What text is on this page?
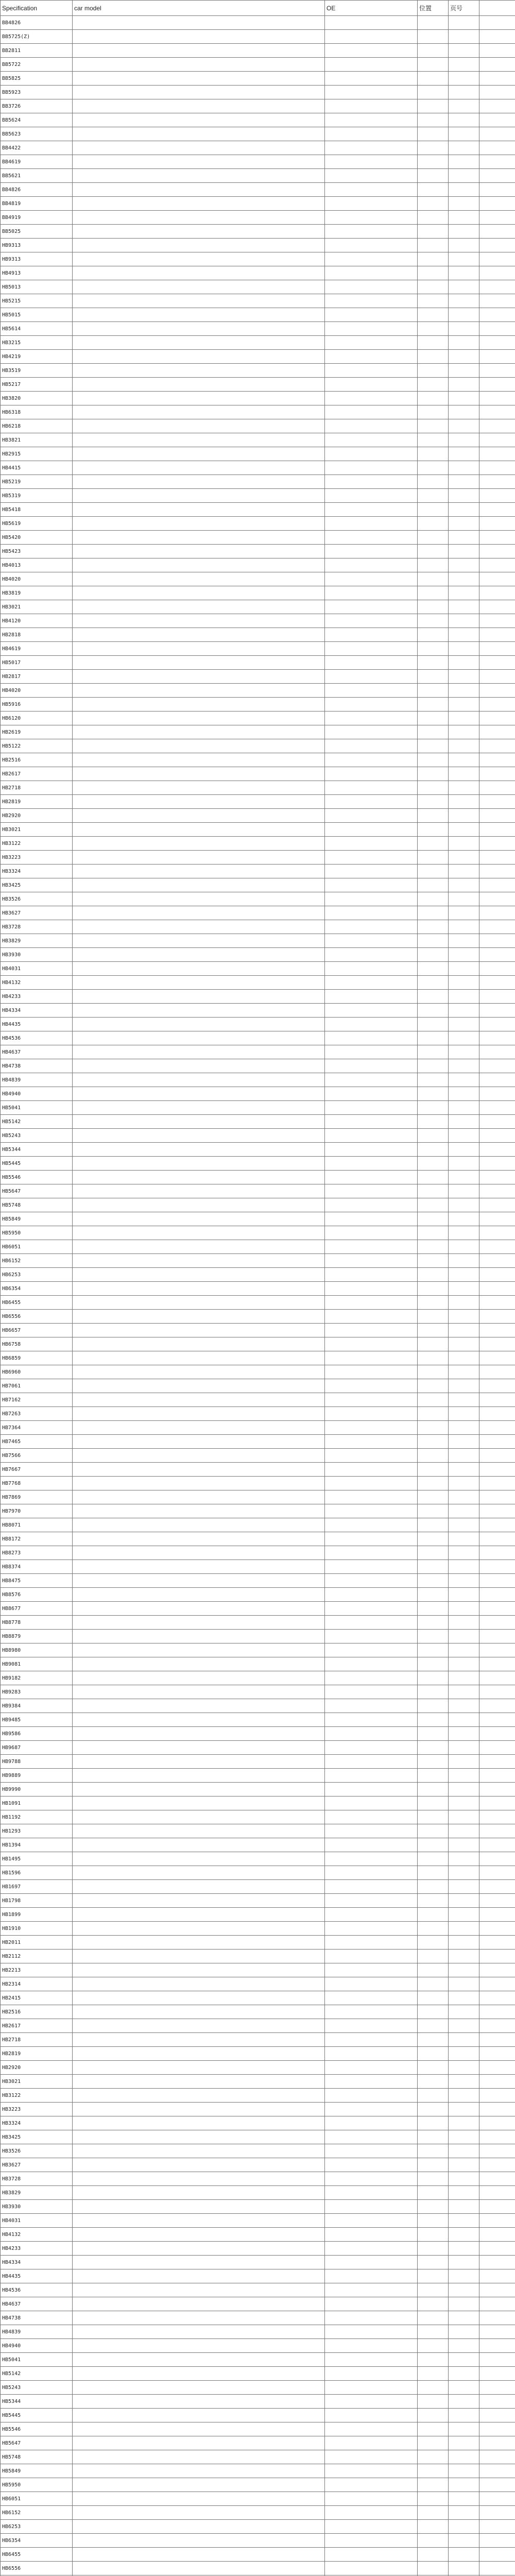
Specification	car model	OE	位置	页号	
BB4826					
BB5725(Z)					
BB2811					
BB5722					
BB5825					
BB5923					
BB3726					
BB5624					
BB5623					
BB4422					
BB4619					
BB5621					
BB4826					
BB4819					
BB4919					
BB5025					
HB9313					
HB9313					
HB4913					
HB5013					
HB5215					
HB5015					
HB5614					
HB3215					
HB4219					
HB3519					
HB5217					
HB3820					
HB6318					
HB6218					
HB3821					
HB2915					
HB4415					
HB5219					
HB5319					
HB5418					
HB5619					
HB5420					
HB5423					
HB4013					
HB4020					
HB3819					
HB3021					
HB4120					
HB2818					
HB4619					
HB5017					
HB2817					
HB4020					
HB5916					
HB6120					
HB2619					
HB5122					
HB2516					
HB2617					
HB2718					
HB2819					
HB2920					
HB3021					
HB3122					
HB3223					
HB3324					
HB3425					
HB3526					
HB3627					
HB3728					
HB3829					
HB3930					
HB4031					
HB4132					
HB4233					
HB4334					
HB4435					
HB4536					
HB4637					
HB4738					
HB4839					
HB4940					
HB5041					
HB5142					
HB5243					
HB5344					
HB5445					
HB5546					
HB5647					
HB5748					
HB5849					
HB5950					
HB6051					
HB6152					
HB6253					
HB6354					
HB6455					
HB6556					
HB6657					
HB6758					
HB6859					
HB6960					
HB7061					
HB7162					
HB7263					
HB7364					
HB7465					
HB7566					
HB7667					
HB7768					
HB7869					
HB7970					
HB8071					
HB8172					
HB8273					
HB8374					
HB8475					
HB8576					
HB8677					
HB8778					
HB8879					
HB8980					
HB9081					
HB9182					
HB9283					
HB9384					
HB9485					
HB9586					
HB9687					
HB9788					
HB9889					
HB9990					
HB1091					
HB1192					
HB1293					
HB1394					
HB1495					
HB1596					
HB1697					
HB1798					
HB1899					
HB1910					
HB2011					
HB2112					
HB2213					
HB2314					
HB2415					
HB2516					
HB2617					
HB2718					
HB2819					
HB2920					
HB3021					
HB3122					
HB3223					
HB3324					
HB3425					
HB3526					
HB3627					
HB3728					
HB3829					
HB3930					
HB4031					
HB4132					
HB4233					
HB4334					
HB4435					
HB4536					
HB4637					
HB4738					
HB4839					
HB4940					
HB5041					
HB5142					
HB5243					
HB5344					
HB5445					
HB5546					
HB5647					
HB5748					
HB5849					
HB5950					
HB6051					
HB6152					
HB6253					
HB6354					
HB6455					
HB6556					
